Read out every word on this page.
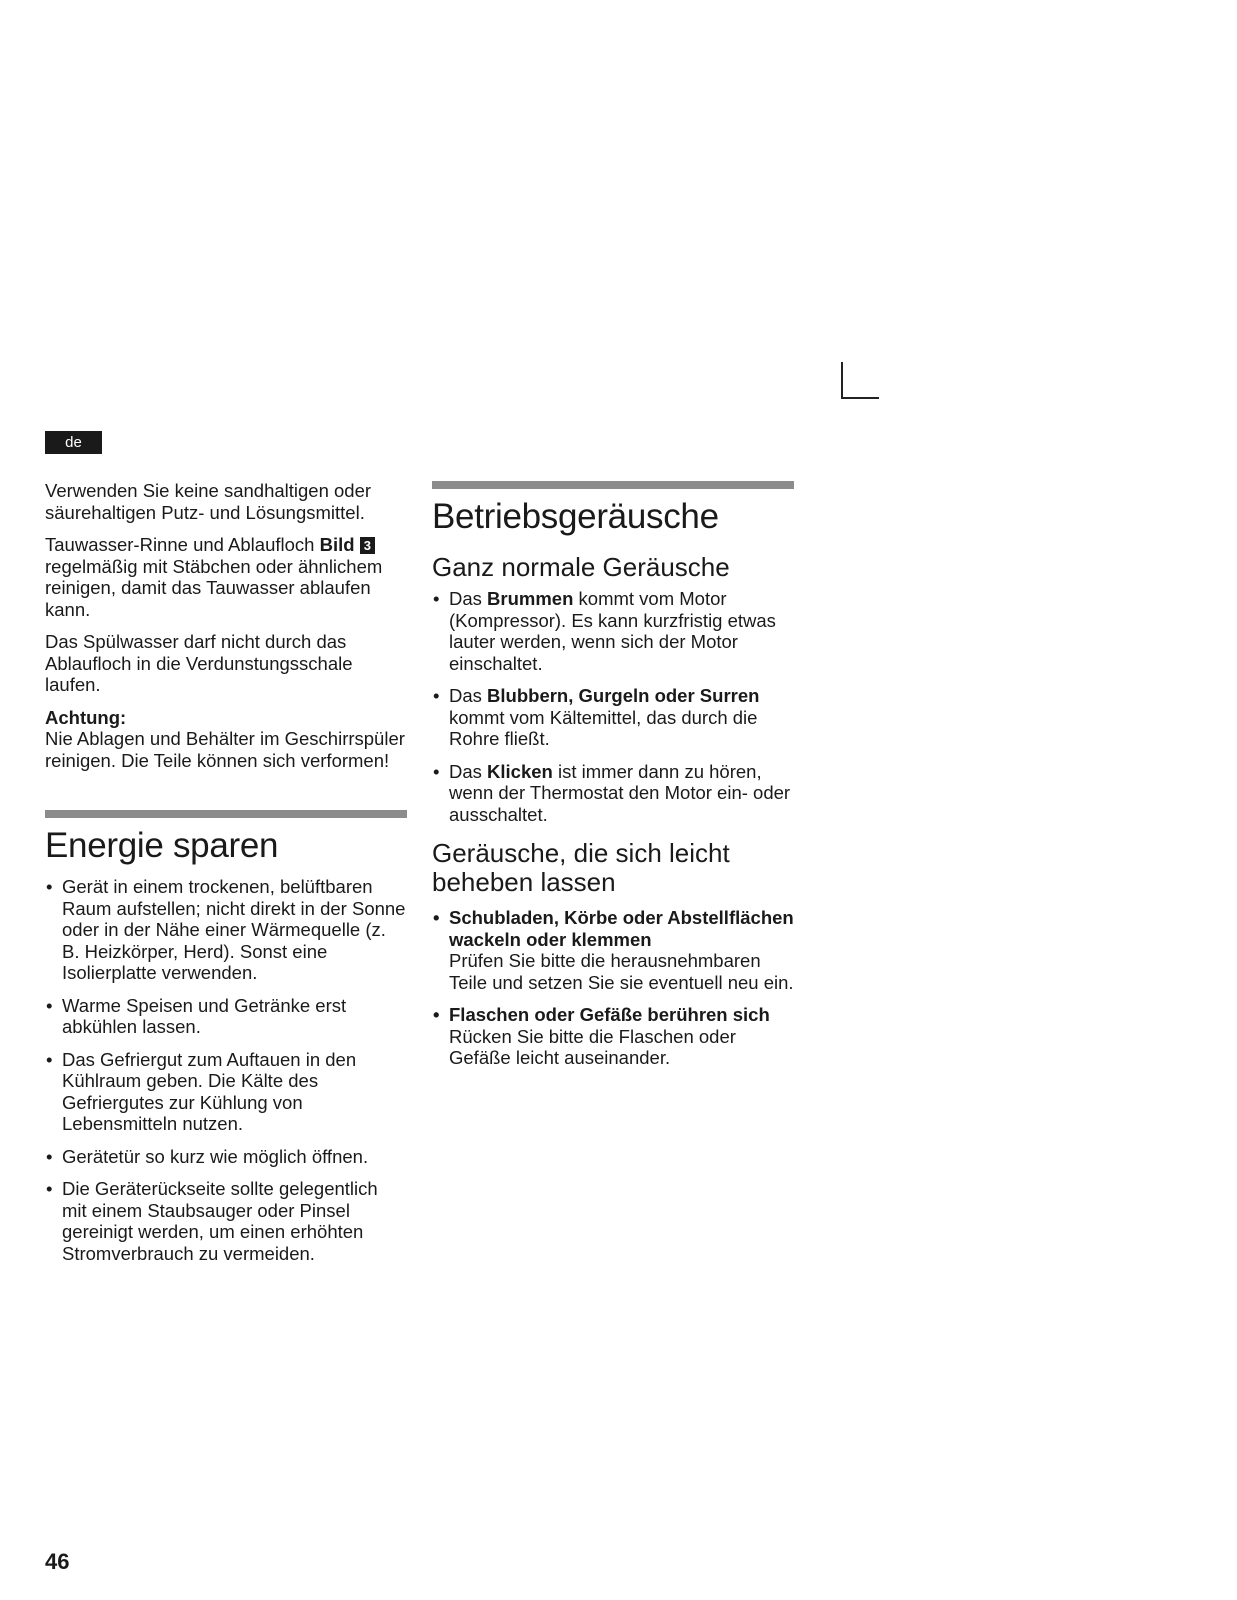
de

Verwenden Sie keine sandhaltigen oder säurehaltigen Putz- und Lösungsmittel.

Tauwasser-Rinne und Ablaufloch Bild 3
regelmäßig mit Stäbchen oder ähnlichem reinigen, damit das Tauwasser ablaufen kann.

Das Spülwasser darf nicht durch das Ablaufloch in die Verdunstungsschale laufen.

Achtung:
Nie Ablagen und Behälter im Geschirrspüler reinigen. Die Teile können sich verformen!

Energie sparen
• Gerät in einem trockenen, belüftbaren Raum aufstellen; nicht direkt in der Sonne oder in der Nähe einer Wärmequelle (z. B. Heizkörper, Herd). Sonst eine Isolierplatte verwenden.
• Warme Speisen und Getränke erst abkühlen lassen.
• Das Gefriergut zum Auftauen in den Kühlraum geben. Die Kälte des Gefriergutes zur Kühlung von Lebensmitteln nutzen.
• Gerätetür so kurz wie möglich öffnen.
• Die Geräterückseite sollte gelegentlich mit einem Staubsauger oder Pinsel gereinigt werden, um einen erhöhten Stromverbrauch zu vermeiden.
Betriebsgeräusche
Ganz normale Geräusche
• Das Brummen kommt vom Motor (Kompressor). Es kann kurzfristig etwas lauter werden, wenn sich der Motor einschaltet.
• Das Blubbern, Gurgeln oder Surren kommt vom Kältemittel, das durch die Rohre fließt.
• Das Klicken ist immer dann zu hören, wenn der Thermostat den Motor ein- oder ausschaltet.
Geräusche, die sich leicht beheben lassen
• Schubladen, Körbe oder Abstellflächen wackeln oder klemmen
Prüfen Sie bitte die herausnehmbaren Teile und setzen Sie sie eventuell neu ein.
• Flaschen oder Gefäße berühren sich
Rücken Sie bitte die Flaschen oder Gefäße leicht auseinander.
46
